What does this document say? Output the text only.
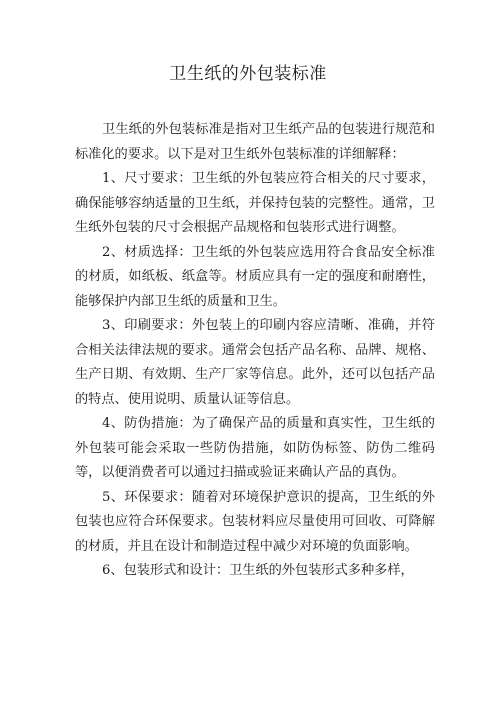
卫生纸的外包装标准

卫生纸的外包装标准是指对卫生纸产品的包装进行规范和标准化的要求。以下是对卫生纸外包装标准的详细解释：

1、尺寸要求：卫生纸的外包装应符合相关的尺寸要求，确保能够容纳适量的卫生纸，并保持包装的完整性。通常，卫生纸外包装的尺寸会根据产品规格和包装形式进行调整。

2、材质选择：卫生纸的外包装应选用符合食品安全标准的材质，如纸板、纸盒等。材质应具有一定的强度和耐磨性，能够保护内部卫生纸的质量和卫生。

3、印刷要求：外包装上的印刷内容应清晰、准确，并符合相关法律法规的要求。通常会包括产品名称、品牌、规格、生产日期、有效期、生产厂家等信息。此外，还可以包括产品的特点、使用说明、质量认证等信息。

4、防伪措施：为了确保产品的质量和真实性，卫生纸的外包装可能会采取一些防伪措施，如防伪标签、防伪二维码等，以便消费者可以通过扫描或验证来确认产品的真伪。

5、环保要求：随着对环境保护意识的提高，卫生纸的外包装也应符合环保要求。包装材料应尽量使用可回收、可降解的材质，并且在设计和制造过程中减少对环境的负面影响。

6、包装形式和设计：卫生纸的外包装形式多种多样，
